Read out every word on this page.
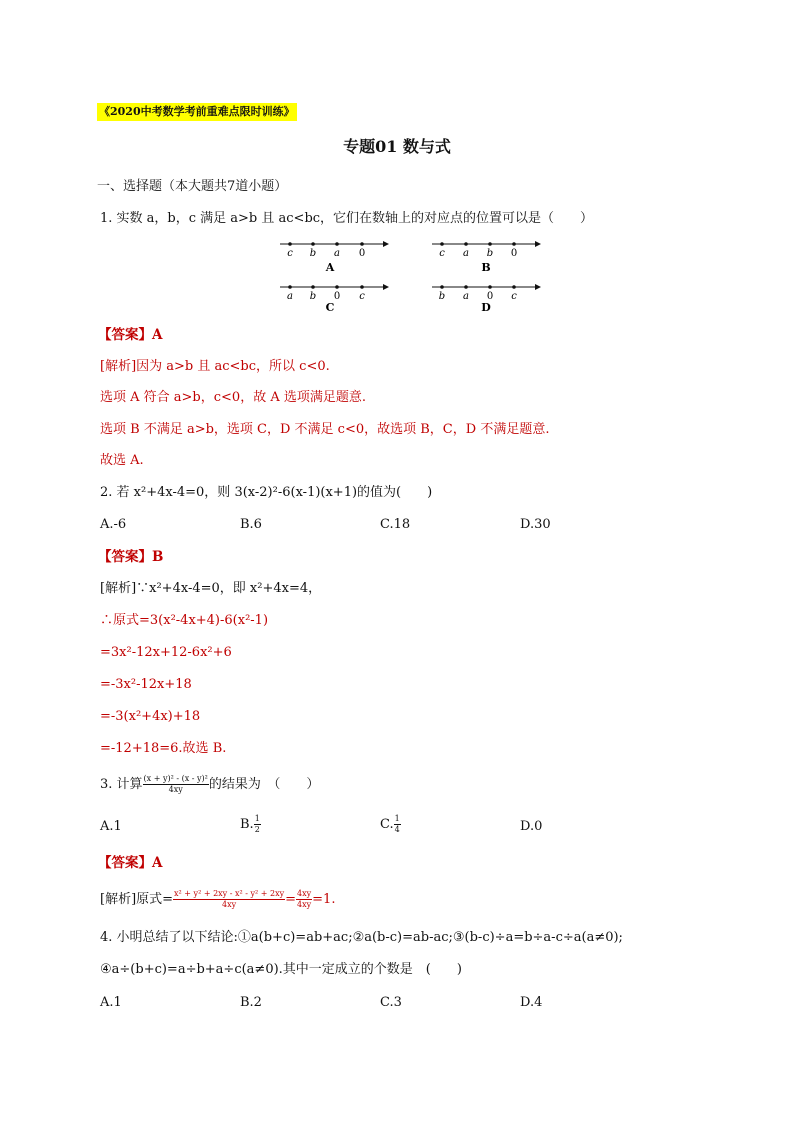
《2020中考数学考前重难点限时训练》
专题01 数与式
一、选择题（本大题共7道小题）
1. 实数 a，b，c 满足 a>b 且 ac<bc，它们在数轴上的对应点的位置可以是（　　）
c b a 0
A
c a b 0
B
a b 0 c
C
b a 0 c
D
【答案】A
[解析]因为 a>b 且 ac<bc，所以 c<0.
选项 A 符合 a>b，c<0，故 A 选项满足题意.
选项 B 不满足 a>b，选项 C，D 不满足 c<0，故选项 B，C，D 不满足题意.
故选 A.
2. 若 x²+4x-4=0，则 3(x-2)²-6(x-1)(x+1)的值为(　　)
A.-6	B.6	C.18	D.30
【答案】B
[解析]∵x²+4x-4=0，即 x²+4x=4，
∴原式=3(x²-4x+4)-6(x²-1)
=3x²-12x+12-6x²+6
=-3x²-12x+18
=-3(x²+4x)+18
=-12+18=6.故选 B.
3. 计算 $\frac{\text{(x + y)² - (x - y)²}}{4xy}$ 的结果为　（　　）
A.1	B. $\frac{1}{2}$	C. $\frac{1}{4}$	D.0
【答案】A
[解析]原式= $\frac{\text{x² + y² + 2xy - x² - y² + 2xy}}{4xy} = \frac{4xy}{4xy} =1$.
4. 小明总结了以下结论:①a(b+c)=ab+ac;②a(b-c)=ab-ac;③(b-c)÷a=b÷a-c÷a(a≠0);
④a÷(b+c)=a÷b+a÷c(a≠0).其中一定成立的个数是　(　　)
A.1	B.2	C.3	D.4
